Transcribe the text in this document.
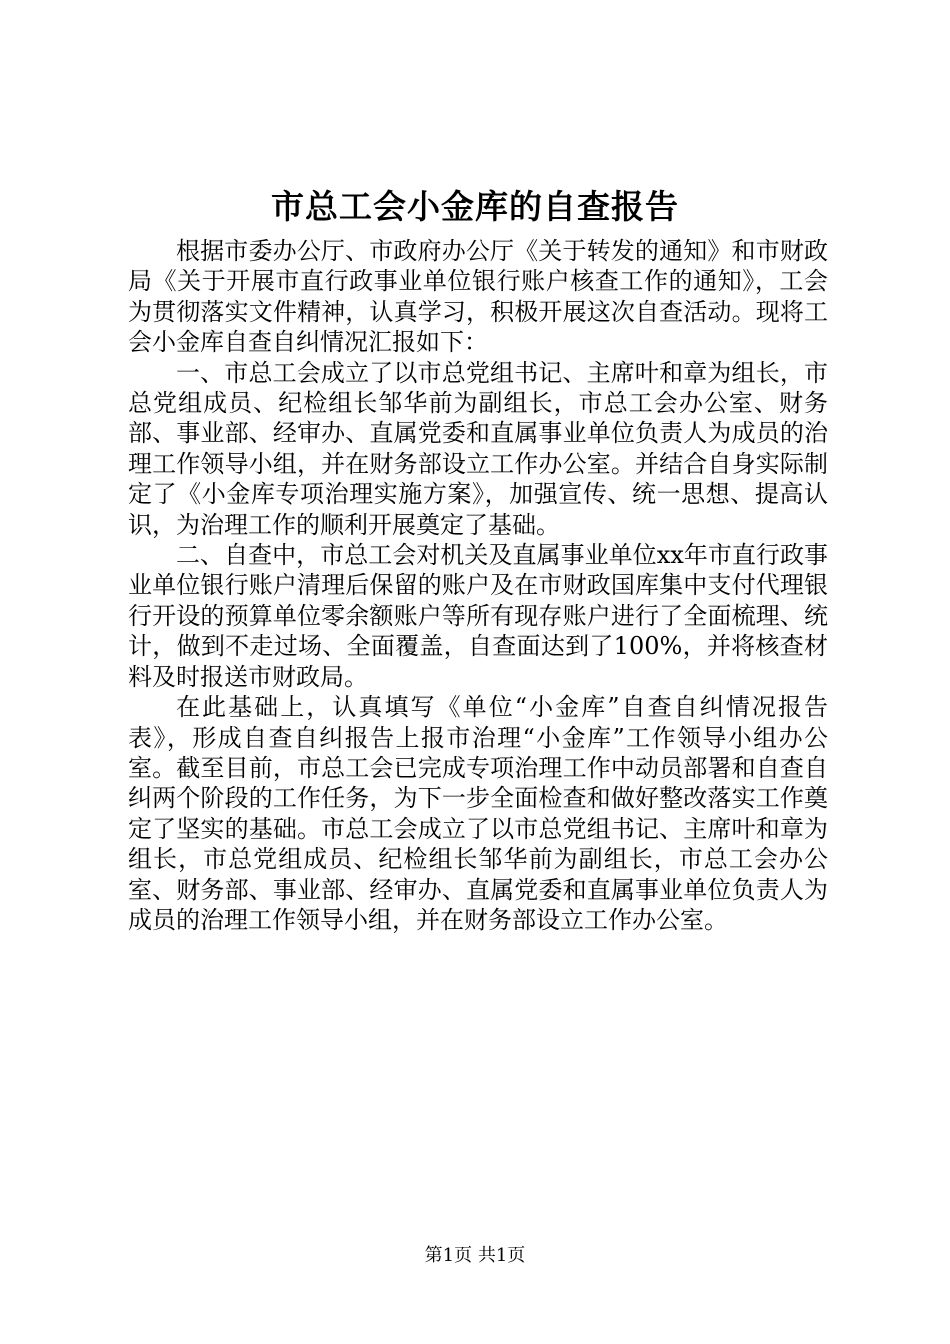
市总工会小金库的自查报告

根据市委办公厅、市政府办公厅《关于转发的通知》和市财政局《关于开展市直行政事业单位银行账户核查工作的通知》，工会为贯彻落实文件精神，认真学习，积极开展这次自查活动。现将工会小金库自查自纠情况汇报如下：

一、市总工会成立了以市总党组书记、主席叶和章为组长，市总党组成员、纪检组长邹华前为副组长，市总工会办公室、财务部、事业部、经审办、直属党委和直属事业单位负责人为成员的治理工作领导小组，并在财务部设立工作办公室。并结合自身实际制定了《小金库专项治理实施方案》，加强宣传、统一思想、提高认识，为治理工作的顺利开展奠定了基础。

二、自查中，市总工会对机关及直属事业单位xx年市直行政事业单位银行账户清理后保留的账户及在市财政国库集中支付代理银行开设的预算单位零余额账户等所有现存账户进行了全面梳理、统计，做到不走过场、全面覆盖，自查面达到了100%，并将核查材料及时报送市财政局。

在此基础上，认真填写《单位“小金库”自查自纠情况报告表》，形成自查自纠报告上报市治理“小金库”工作领导小组办公室。截至目前，市总工会已完成专项治理工作中动员部署和自查自纠两个阶段的工作任务，为下一步全面检查和做好整改落实工作奠定了坚实的基础。市总工会成立了以市总党组书记、主席叶和章为组长，市总党组成员、纪检组长邹华前为副组长，市总工会办公室、财务部、事业部、经审办、直属党委和直属事业单位负责人为成员的治理工作领导小组，并在财务部设立工作办公室。

第1页 共1页
